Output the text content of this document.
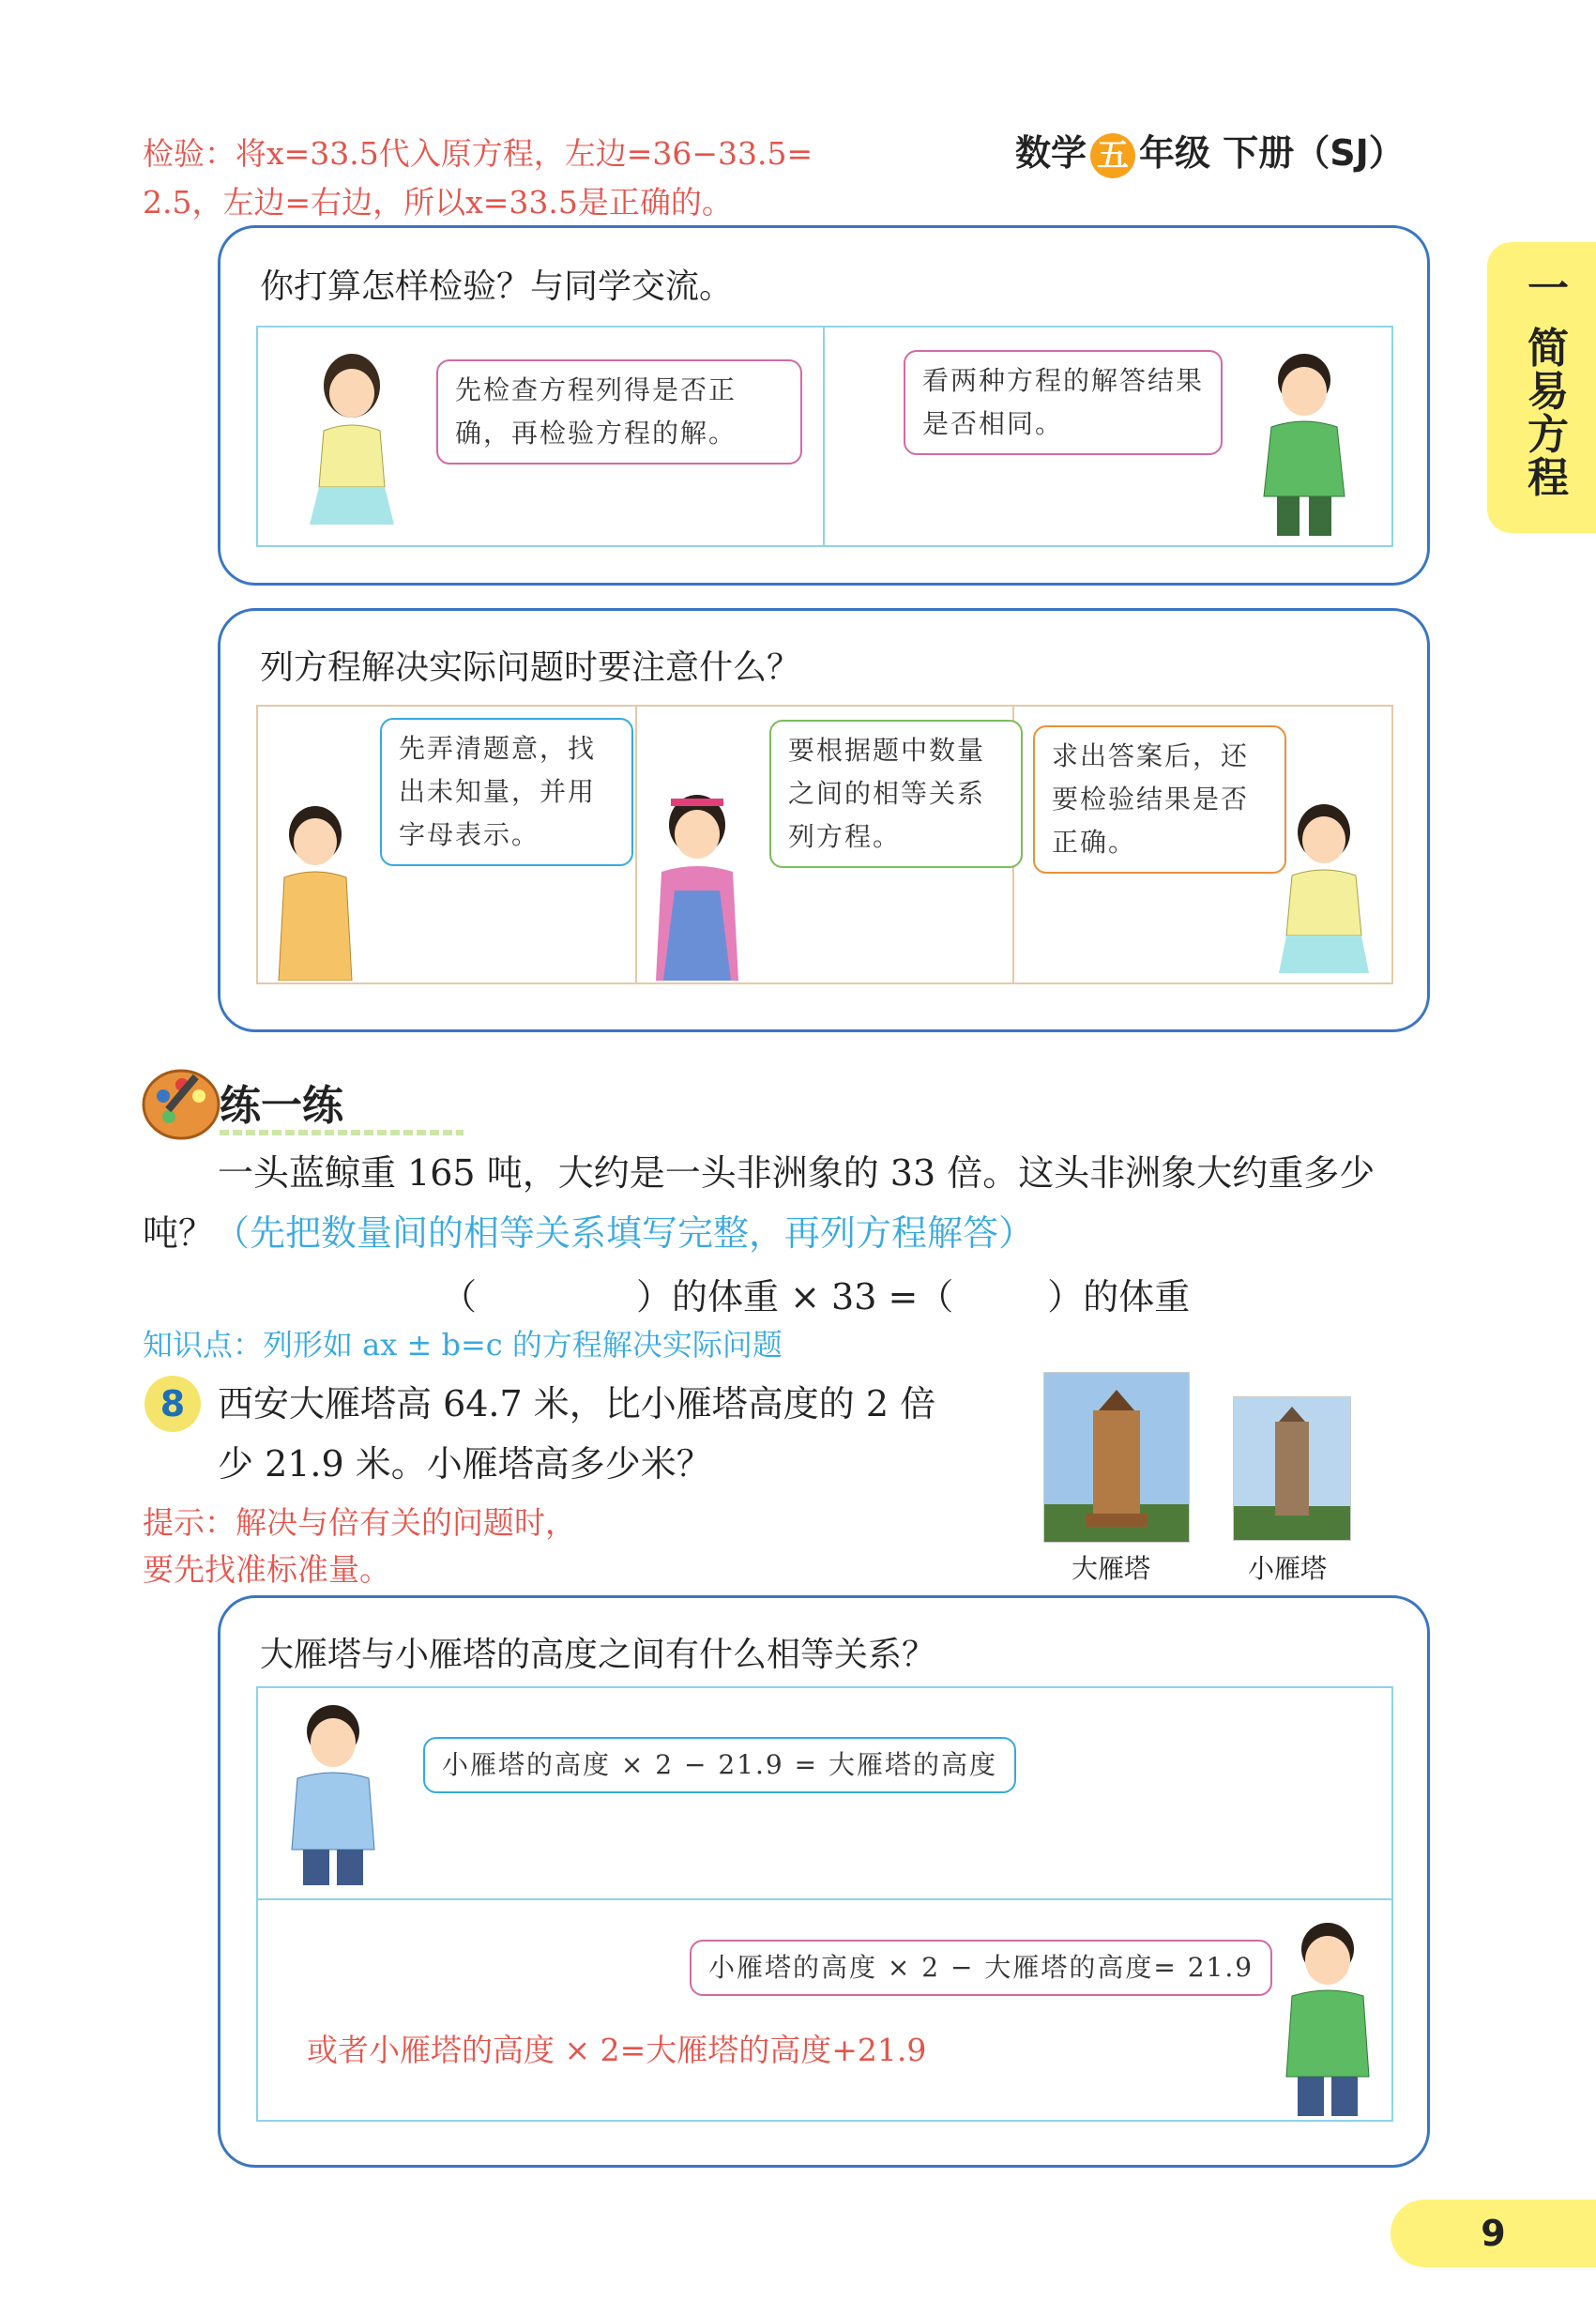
检验：将x=33.5代入原方程，左边=36−33.5=
2.5，左边=右边，所以x=33.5是正确的。
数学 五 年级 下册（SJ）
一 简易方程
你打算怎样检验？与同学交流。
先检查方程列得是否正确，再检验方程的解。
看两种方程的解答结果是否相同。
列方程解决实际问题时要注意什么？
先弄清题意，找出未知量，并用字母表示。
要根据题中数量之间的相等关系列方程。
求出答案后，还要检验结果是否正确。
练一练
一头蓝鲸重 165 吨，大约是一头非洲象的 33 倍。这头非洲象大约重多少
吨？（先把数量间的相等关系填写完整，再列方程解答）
（	）的体重 × 33 =（	）的体重
知识点：列形如 ax ± b=c 的方程解决实际问题
8 西安大雁塔高 64.7 米，比小雁塔高度的 2 倍
少 21.9 米。小雁塔高多少米？
提示：解决与倍有关的问题时，
要先找准标准量。	大雁塔	小雁塔
大雁塔与小雁塔的高度之间有什么相等关系？
小雁塔的高度 × 2 − 21.9 = 大雁塔的高度
小雁塔的高度 × 2 − 大雁塔的高度= 21.9
或者小雁塔的高度 × 2=大雁塔的高度+21.9
9
